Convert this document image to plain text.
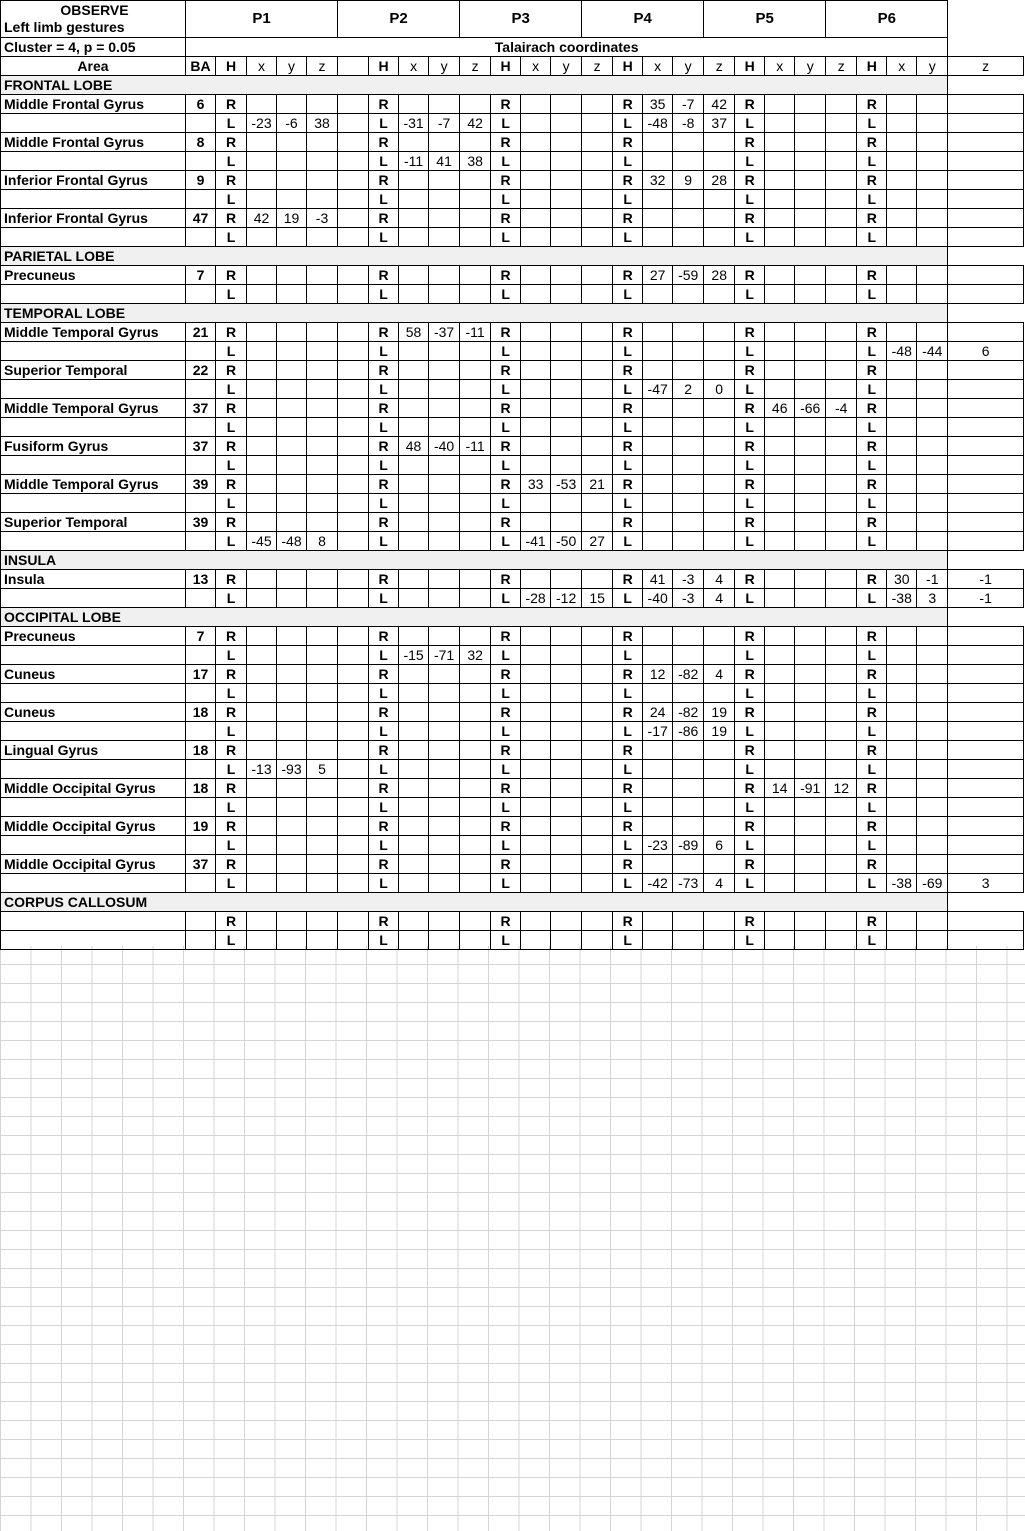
OBSERVE
Left limb gestures	P1					P2				P3				P4				P5				P6				
Cluster = 4, p = 0.05	Talairach coordinates																									
Area	BA	H	x	y	z		H	x	y	z	H	x	y	z	H	x	y	z	H	x	y	z	H	x	y	z
FRONTAL LOBE																										
Middle Frontal Gyrus	6	R					R				R				R	35	-7	42	R				R			
		L	-23	-6	38		L	-31	-7	42	L				L	-48	-8	37	L				L			
Middle Frontal Gyrus	8	R					R				R				R				R				R			
		L					L	-11	41	38	L				L				L				L			
Inferior Frontal Gyrus	9	R					R				R				R	32	9	28	R				R			
		L					L				L				L				L				L			
Inferior Frontal Gyrus	47	R	42	19	-3		R				R				R				R				R			
		L					L				L				L				L				L			
PARIETAL LOBE																										
Precuneus	7	R					R				R				R	27	-59	28	R				R			
		L					L				L				L				L				L			
TEMPORAL LOBE																										
Middle Temporal Gyrus	21	R					R	58	-37	-11	R				R				R				R			
		L					L				L				L				L				L	-48	-44	6
Superior Temporal	22	R					R				R				R				R				R			
		L					L				L				L	-47	2	0	L				L			
Middle Temporal Gyrus	37	R					R				R				R				R	46	-66	-4	R			
		L					L				L				L				L				L			
Fusiform Gyrus	37	R					R	48	-40	-11	R				R				R				R			
		L					L				L				L				L				L			
Middle Temporal Gyrus	39	R					R				R	33	-53	21	R				R				R			
		L					L				L				L				L				L			
Superior Temporal	39	R					R				R				R				R				R			
		L	-45	-48	8		L				L	-41	-50	27	L				L				L			
INSULA																										
Insula	13	R					R				R				R	41	-3	4	R				R	30	-1	-1
		L					L				L	-28	-12	15	L	-40	-3	4	L				L	-38	3	-1
OCCIPITAL LOBE																										
Precuneus	7	R					R				R				R				R				R			
		L					L	-15	-71	32	L				L				L				L			
Cuneus	17	R					R				R				R	12	-82	4	R				R			
		L					L				L				L				L				L			
Cuneus	18	R					R				R				R	24	-82	19	R				R			
		L					L				L				L	-17	-86	19	L				L			
Lingual Gyrus	18	R					R				R				R				R				R			
		L	-13	-93	5		L				L				L				L				L			
Middle Occipital Gyrus	18	R					R				R				R				R	14	-91	12	R			
		L					L				L				L				L				L			
Middle Occipital Gyrus	19	R					R				R				R				R				R			
		L					L				L				L	-23	-89	6	L				L			
Middle Occipital Gyrus	37	R					R				R				R				R				R			
		L					L				L				L	-42	-73	4	L				L	-38	-69	3
CORPUS CALLOSUM																										
		R					R				R				R				R				R			
		L					L				L				L				L				L			
